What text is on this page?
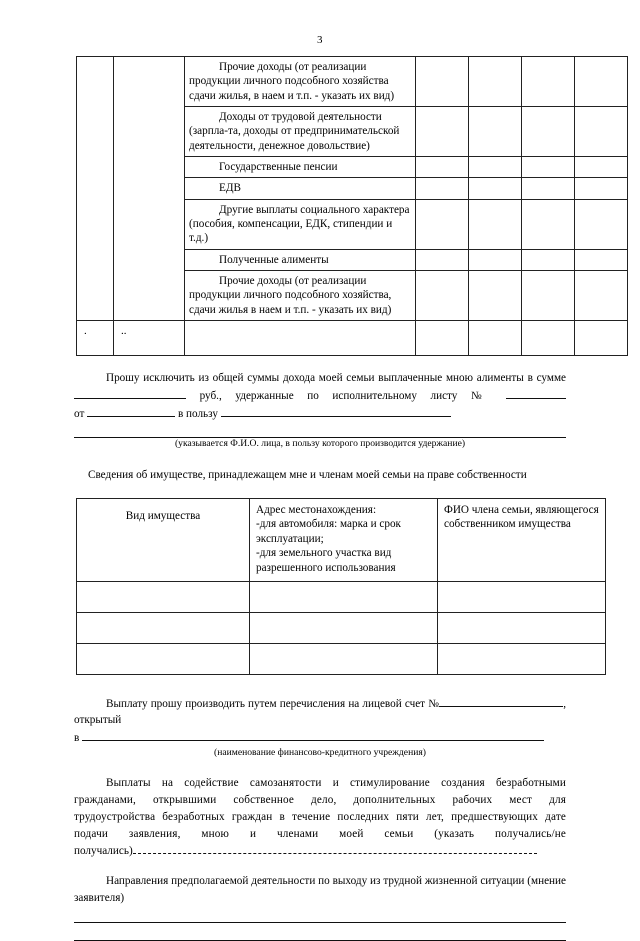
3
		Прочие доходы (от реализации продукции личного подсобного хозяйства сдачи жилья, в наем и т.п. - указать их вид)				
		Доходы от трудовой деятельности (зарпла-та, доходы от предпринимательской деятельности, денежное довольствие)				
		Государственные пенсии				
		ЕДВ				
		Другие выплаты социального характера (пособия, компенсации, ЕДК, стипендии и т.д.)				
		Полученные алименты				
		Прочие доходы (от реализации продукции личного подсобного хозяйства, сдачи жилья в наем и т.п. - указать их вид)				
.	..					
Прошу исключить из общей суммы дохода моей семьи выплаченные мною алименты в сумме
руб., удержанные по исполнительному листу №
от	в пользу
(указывается Ф.И.О. лица, в пользу которого производится удержание)
Сведения об имуществе, принадлежащем мне и членам моей семьи на праве собственности
Вид имущества	Адрес местонахождения:
-для автомобиля: марка и срок эксплуатации;
-для земельного участка вид разрешенного использования	ФИО члена семьи, являющегося собственником имущества

Выплату прошу производить путем перечисления на лицевой счет №	, открытый
в
(наименование финансово-кредитного учреждения)
Выплаты на содействие самозанятости и стимулирование создания безработными
гражданами, открывшими собственное дело, дополнительных рабочих мест для
трудоустройства безработных граждан в течение последних пяти лет, предшествующих дате
подачи заявления, мною и членами моей семьи (указать получались/не
получались)
Направления предполагаемой деятельности по выходу из трудной жизненной ситуации (мнение заявителя)
